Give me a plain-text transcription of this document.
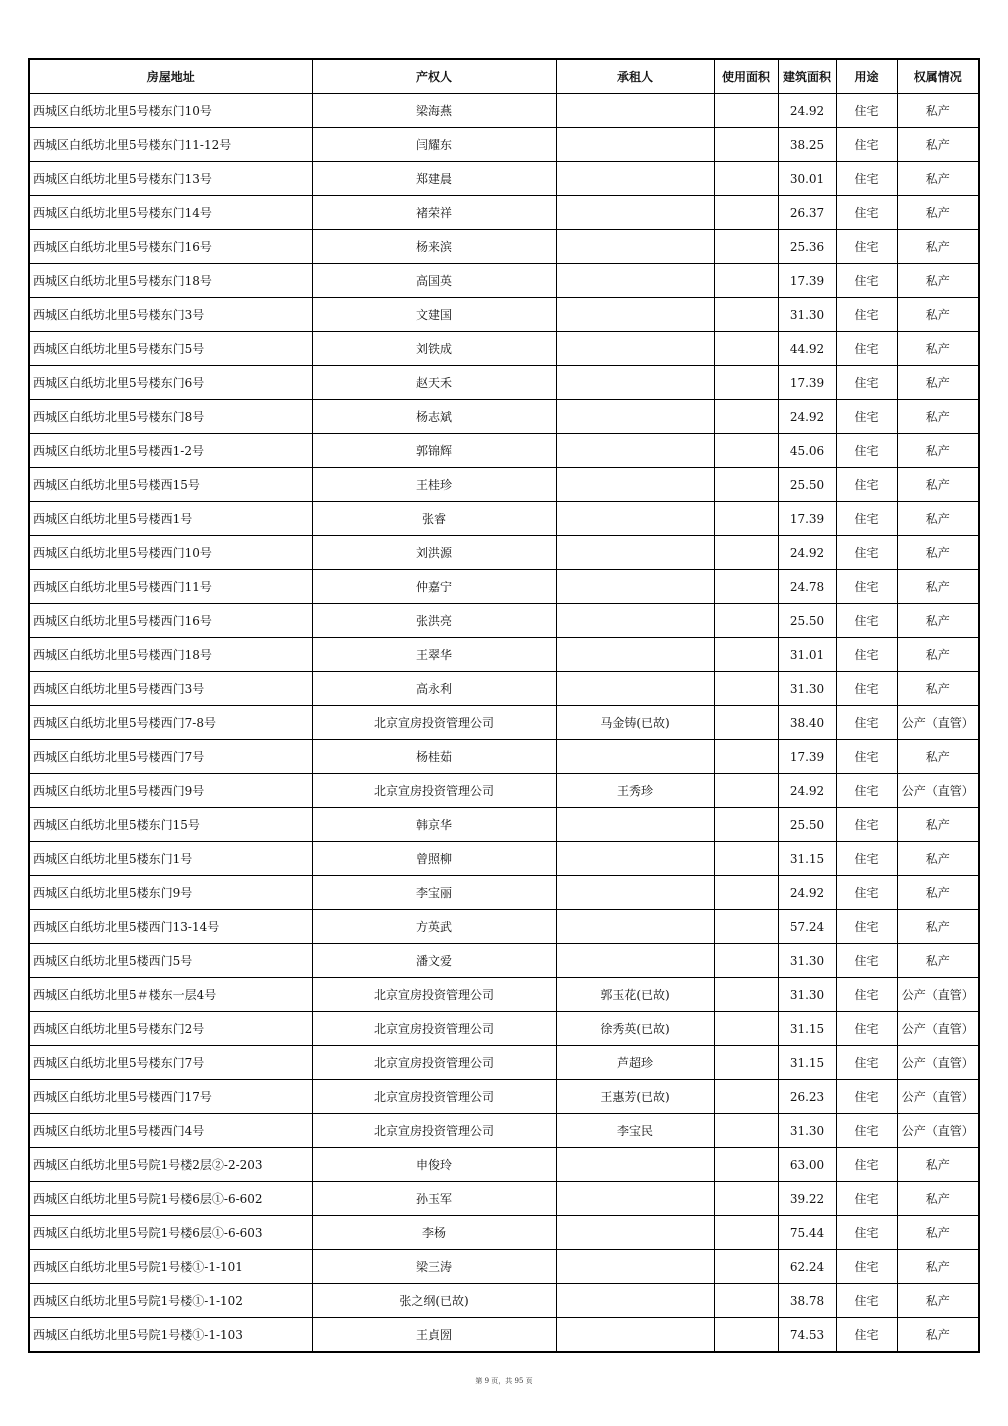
房屋地址	产权人	承租人	使用面积	建筑面积	用途	权属情况
西城区白纸坊北里5号楼东门10号	梁海燕			24.92	住宅	私产
西城区白纸坊北里5号楼东门11-12号	闫耀东			38.25	住宅	私产
西城区白纸坊北里5号楼东门13号	郑建晨			30.01	住宅	私产
西城区白纸坊北里5号楼东门14号	褚荣祥			26.37	住宅	私产
西城区白纸坊北里5号楼东门16号	杨来滨			25.36	住宅	私产
西城区白纸坊北里5号楼东门18号	高国英			17.39	住宅	私产
西城区白纸坊北里5号楼东门3号	文建国			31.30	住宅	私产
西城区白纸坊北里5号楼东门5号	刘铁成			44.92	住宅	私产
西城区白纸坊北里5号楼东门6号	赵天禾			17.39	住宅	私产
西城区白纸坊北里5号楼东门8号	杨志斌			24.92	住宅	私产
西城区白纸坊北里5号楼西1-2号	郭锦辉			45.06	住宅	私产
西城区白纸坊北里5号楼西15号	王桂珍			25.50	住宅	私产
西城区白纸坊北里5号楼西1号	张睿			17.39	住宅	私产
西城区白纸坊北里5号楼西门10号	刘洪源			24.92	住宅	私产
西城区白纸坊北里5号楼西门11号	仲嘉宁			24.78	住宅	私产
西城区白纸坊北里5号楼西门16号	张洪亮			25.50	住宅	私产
西城区白纸坊北里5号楼西门18号	王翠华			31.01	住宅	私产
西城区白纸坊北里5号楼西门3号	高永利			31.30	住宅	私产
西城区白纸坊北里5号楼西门7-8号	北京宣房投资管理公司	马金铸(已故)		38.40	住宅	公产（直管）
西城区白纸坊北里5号楼西门7号	杨桂茹			17.39	住宅	私产
西城区白纸坊北里5号楼西门9号	北京宣房投资管理公司	王秀珍		24.92	住宅	公产（直管）
西城区白纸坊北里5楼东门15号	韩京华			25.50	住宅	私产
西城区白纸坊北里5楼东门1号	曾照柳			31.15	住宅	私产
西城区白纸坊北里5楼东门9号	李宝丽			24.92	住宅	私产
西城区白纸坊北里5楼西门13-14号	方英武			57.24	住宅	私产
西城区白纸坊北里5楼西门5号	潘文爱			31.30	住宅	私产
西城区白纸坊北里5＃楼东一层4号	北京宣房投资管理公司	郭玉花(已故)		31.30	住宅	公产（直管）
西城区白纸坊北里5号楼东门2号	北京宣房投资管理公司	徐秀英(已故)		31.15	住宅	公产（直管）
西城区白纸坊北里5号楼东门7号	北京宣房投资管理公司	芦超珍		31.15	住宅	公产（直管）
西城区白纸坊北里5号楼西门17号	北京宣房投资管理公司	王惠芳(已故)		26.23	住宅	公产（直管）
西城区白纸坊北里5号楼西门4号	北京宣房投资管理公司	李宝民		31.30	住宅	公产（直管）
西城区白纸坊北里5号院1号楼2层②-2-203	申俊玲			63.00	住宅	私产
西城区白纸坊北里5号院1号楼6层①-6-602	孙玉军			39.22	住宅	私产
西城区白纸坊北里5号院1号楼6层①-6-603	李杨			75.44	住宅	私产
西城区白纸坊北里5号院1号楼①-1-101	梁三涛			62.24	住宅	私产
西城区白纸坊北里5号院1号楼①-1-102	张之纲(已故)			38.78	住宅	私产
西城区白纸坊北里5号院1号楼①-1-103	王貞圀			74.53	住宅	私产
第 9 页，共 95 页
